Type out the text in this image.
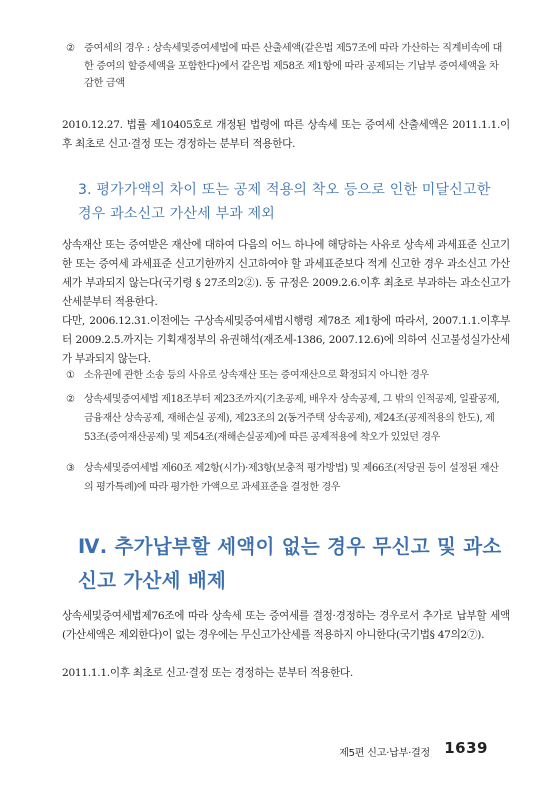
② 증여세의 경우 : 상속세및증여세법에 따른 산출세액(같은법 제57조에 따라 가산하는 직계비속에 대한 증여의 할증세액을 포함한다)에서 같은법 제58조 제1항에 따라 공제되는 기납부 증여세액을 차감한 금액
2010.12.27. 법률 제10405호로 개정된 법령에 따른 상속세 또는 증여세 산출세액은 2011.1.1.이후 최초로 신고·결정 또는 경정하는 분부터 적용한다.
3. 평가가액의 차이 또는 공제 적용의 착오 등으로 인한 미달신고한 경우 과소신고 가산세 부과 제외
상속재산 또는 증여받은 재산에 대하여 다음의 어느 하나에 해당하는 사유로 상속세 과세표준 신고기한 또는 증여세 과세표준 신고기한까지 신고하여야 할 과세표준보다 적게 신고한 경우 과소신고 가산세가 부과되지 않는다(국기령 § 27조의2②). 동 규정은 2009.2.6.이후 최초로 부과하는 과소신고가산세분부터 적용한다.
다만, 2006.12.31.이전에는 구상속세및증여세법시행령 제78조 제1항에 따라서, 2007.1.1.이후부터 2009.2.5.까지는 기획재정부의 유권해석(재조세-1386, 2007.12.6)에 의하여 신고불성실가산세가 부과되지 않는다.
① 소유권에 관한 소송 등의 사유로 상속재산 또는 증여재산으로 확정되지 아니한 경우
② 상속세및증여세법 제18조부터 제23조까지(기초공제, 배우자 상속공제, 그 밖의 인적공제, 일괄공제, 금융재산 상속공제, 재해손실 공제), 제23조의 2(동거주택 상속공제), 제24조(공제적용의 한도), 제53조(증여재산공제) 및 제54조(재해손실공제)에 따른 공제적용에 착오가 있었던 경우
③ 상속세및증여세법 제60조 제2항(시가)·제3항(보충적 평가방법) 및 제66조(저당권 등이 설정된 재산의 평가특례)에 따라 평가한 가액으로 과세표준을 결정한 경우
Ⅳ. 추가납부할 세액이 없는 경우 무신고 및 과소신고 가산세 배제
상속세및증여세법제76조에 따라 상속세 또는 증여세를 결정·경정하는 경우로서 추가로 납부할 세액(가산세액은 제외한다)이 없는 경우에는 무신고가산세를 적용하지 아니한다(국기법§ 47의2⑦).
2011.1.1.이후 최초로 신고·결정 또는 경정하는 분부터 적용한다.
제5편 신고·납부·결정 1639
